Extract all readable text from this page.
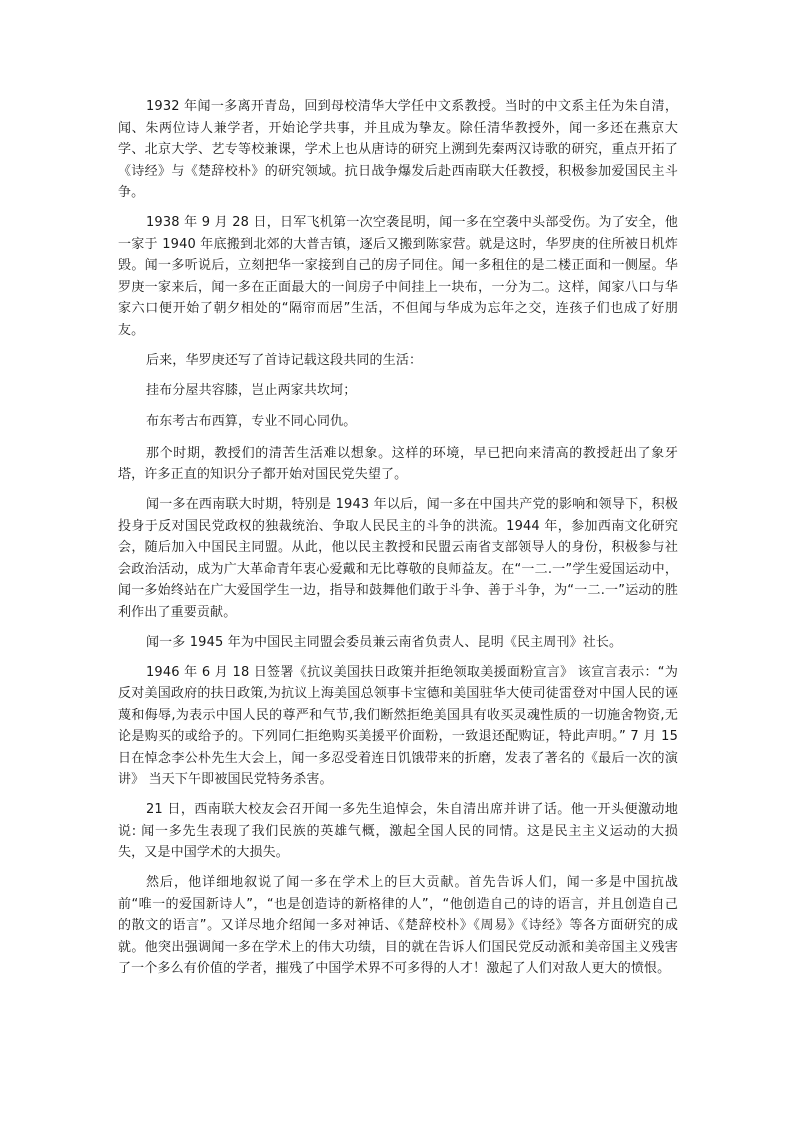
1932 年闻一多离开青岛，回到母校清华大学任中文系教授。当时的中文系主任为朱自清，闻、朱两位诗人兼学者，开始论学共事，并且成为挚友。除任清华教授外，闻一多还在燕京大学、北京大学、艺专等校兼课，学术上也从唐诗的研究上溯到先秦两汉诗歌的研究，重点开拓了《诗经》与《楚辞校朴》的研究领域。抗日战争爆发后赴西南联大任教授，积极参加爱国民主斗争。

1938 年 9 月 28 日，日军飞机第一次空袭昆明，闻一多在空袭中头部受伤。为了安全，他一家于 1940 年底搬到北郊的大普吉镇，逐后又搬到陈家营。就是这时，华罗庚的住所被日机炸毁。闻一多听说后，立刻把华一家接到自己的房子同住。闻一多租住的是二楼正面和一侧屋。华罗庚一家来后，闻一多在正面最大的一间房子中间挂上一块布，一分为二。这样，闻家八口与华家六口便开始了朝夕相处的“隔帘而居”生活，不但闻与华成为忘年之交，连孩子们也成了好朋友。

后来，华罗庚还写了首诗记载这段共同的生活：

挂布分屋共容膝，岂止两家共坎坷；

布东考古布西算，专业不同心同仇。

那个时期，教授们的清苦生活难以想象。这样的环境，早已把向来清高的教授赶出了象牙塔，许多正直的知识分子都开始对国民党失望了。

闻一多在西南联大时期，特别是 1943 年以后，闻一多在中国共产党的影响和领导下，积极投身于反对国民党政权的独裁统治、争取人民民主的斗争的洪流。1944 年，参加西南文化研究会，随后加入中国民主同盟。从此，他以民主教授和民盟云南省支部领导人的身份，积极参与社会政治活动，成为广大革命青年衷心爱戴和无比尊敬的良师益友。在“一二.一”学生爱国运动中，闻一多始终站在广大爱国学生一边，指导和鼓舞他们敢于斗争、善于斗争，为“一二.一”运动的胜利作出了重要贡献。

闻一多 1945 年为中国民主同盟会委员兼云南省负责人、昆明《民主周刊》社长。

1946 年 6 月 18 日签署《抗议美国扶日政策并拒绝领取美援面粉宣言》 该宣言表示：“为反对美国政府的扶日政策,为抗议上海美国总领事卡宝德和美国驻华大使司徒雷登对中国人民的诬蔑和侮辱,为表示中国人民的尊严和气节,我们断然拒绝美国具有收买灵魂性质的一切施舍物资,无论是购买的或给予的。下列同仁拒绝购买美援平价面粉，一致退还配购证，特此声明。” 7 月 15 日在悼念李公朴先生大会上，闻一多忍受着连日饥饿带来的折磨，发表了著名的《最后一次的演讲》 当天下午即被国民党特务杀害。

21 日，西南联大校友会召开闻一多先生追悼会，朱自清出席并讲了话。他一开头便激动地说: 闻一多先生表现了我们民族的英雄气概，激起全国人民的同情。这是民主主义运动的大损失，又是中国学术的大损失。

然后，他详细地叙说了闻一多在学术上的巨大贡献。首先告诉人们，闻一多是中国抗战前“唯一的爱国新诗人”，“也是创造诗的新格律的人”，“他创造自己的诗的语言，并且创造自己的散文的语言”。又详尽地介绍闻一多对神话、《楚辞校朴》《周易》《诗经》等各方面研究的成就。他突出强调闻一多在学术上的伟大功绩，目的就在告诉人们国民党反动派和美帝国主义残害了一个多么有价值的学者，摧残了中国学术界不可多得的人才！激起了人们对敌人更大的愤恨。
